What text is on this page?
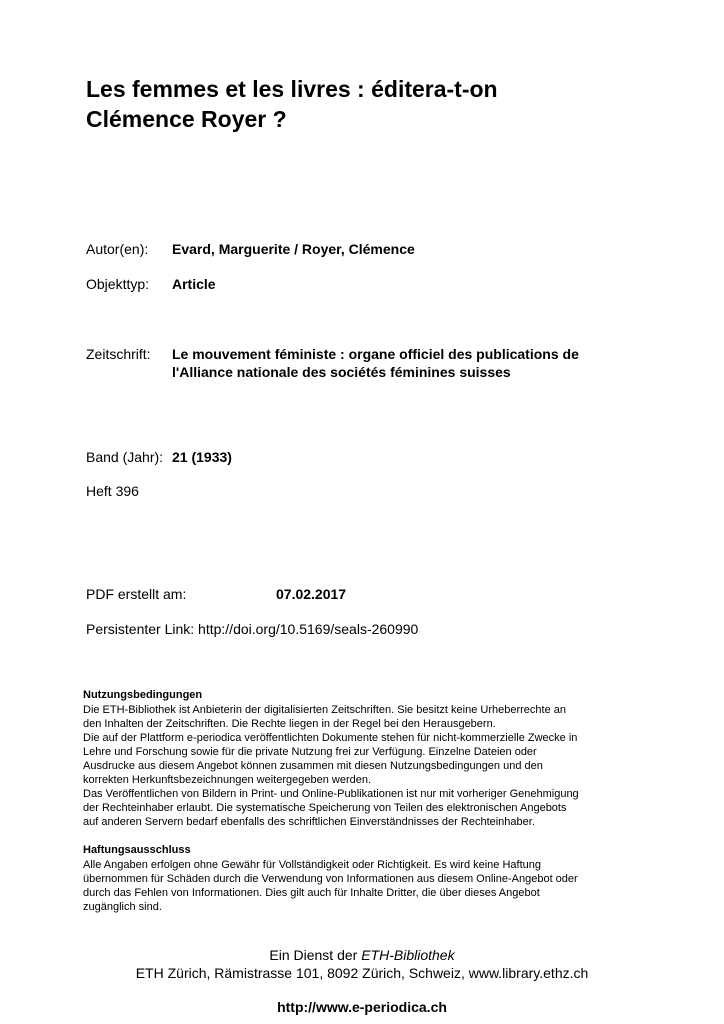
Les femmes et les livres : éditera-t-on
Clémence Royer ?
Autor(en): Evard, Marguerite / Royer, Clémence
Objekttyp: Article
Zeitschrift: Le mouvement féministe : organe officiel des publications de
l'Alliance nationale des sociétés féminines suisses
Band (Jahr): 21 (1933)
Heft 396
PDF erstellt am:	07.02.2017
Persistenter Link: http://doi.org/10.5169/seals-260990
Nutzungsbedingungen

Die ETH-Bibliothek ist Anbieterin der digitalisierten Zeitschriften. Sie besitzt keine Urheberrechte an
den Inhalten der Zeitschriften. Die Rechte liegen in der Regel bei den Herausgebern.
Die auf der Plattform e-periodica veröffentlichten Dokumente stehen für nicht-kommerzielle Zwecke in
Lehre und Forschung sowie für die private Nutzung frei zur Verfügung. Einzelne Dateien oder
Ausdrucke aus diesem Angebot können zusammen mit diesen Nutzungsbedingungen und den
korrekten Herkunftsbezeichnungen weitergegeben werden.
Das Veröffentlichen von Bildern in Print- und Online-Publikationen ist nur mit vorheriger Genehmigung
der Rechteinhaber erlaubt. Die systematische Speicherung von Teilen des elektronischen Angebots
auf anderen Servern bedarf ebenfalls des schriftlichen Einverständnisses der Rechteinhaber.

Haftungsausschluss

Alle Angaben erfolgen ohne Gewähr für Vollständigkeit oder Richtigkeit. Es wird keine Haftung
übernommen für Schäden durch die Verwendung von Informationen aus diesem Online-Angebot oder
durch das Fehlen von Informationen. Dies gilt auch für Inhalte Dritter, die über dieses Angebot
zugänglich sind.

Ein Dienst der ETH-Bibliothek
ETH Zürich, Rämistrasse 101, 8092 Zürich, Schweiz, www.library.ethz.ch
http://www.e-periodica.ch
